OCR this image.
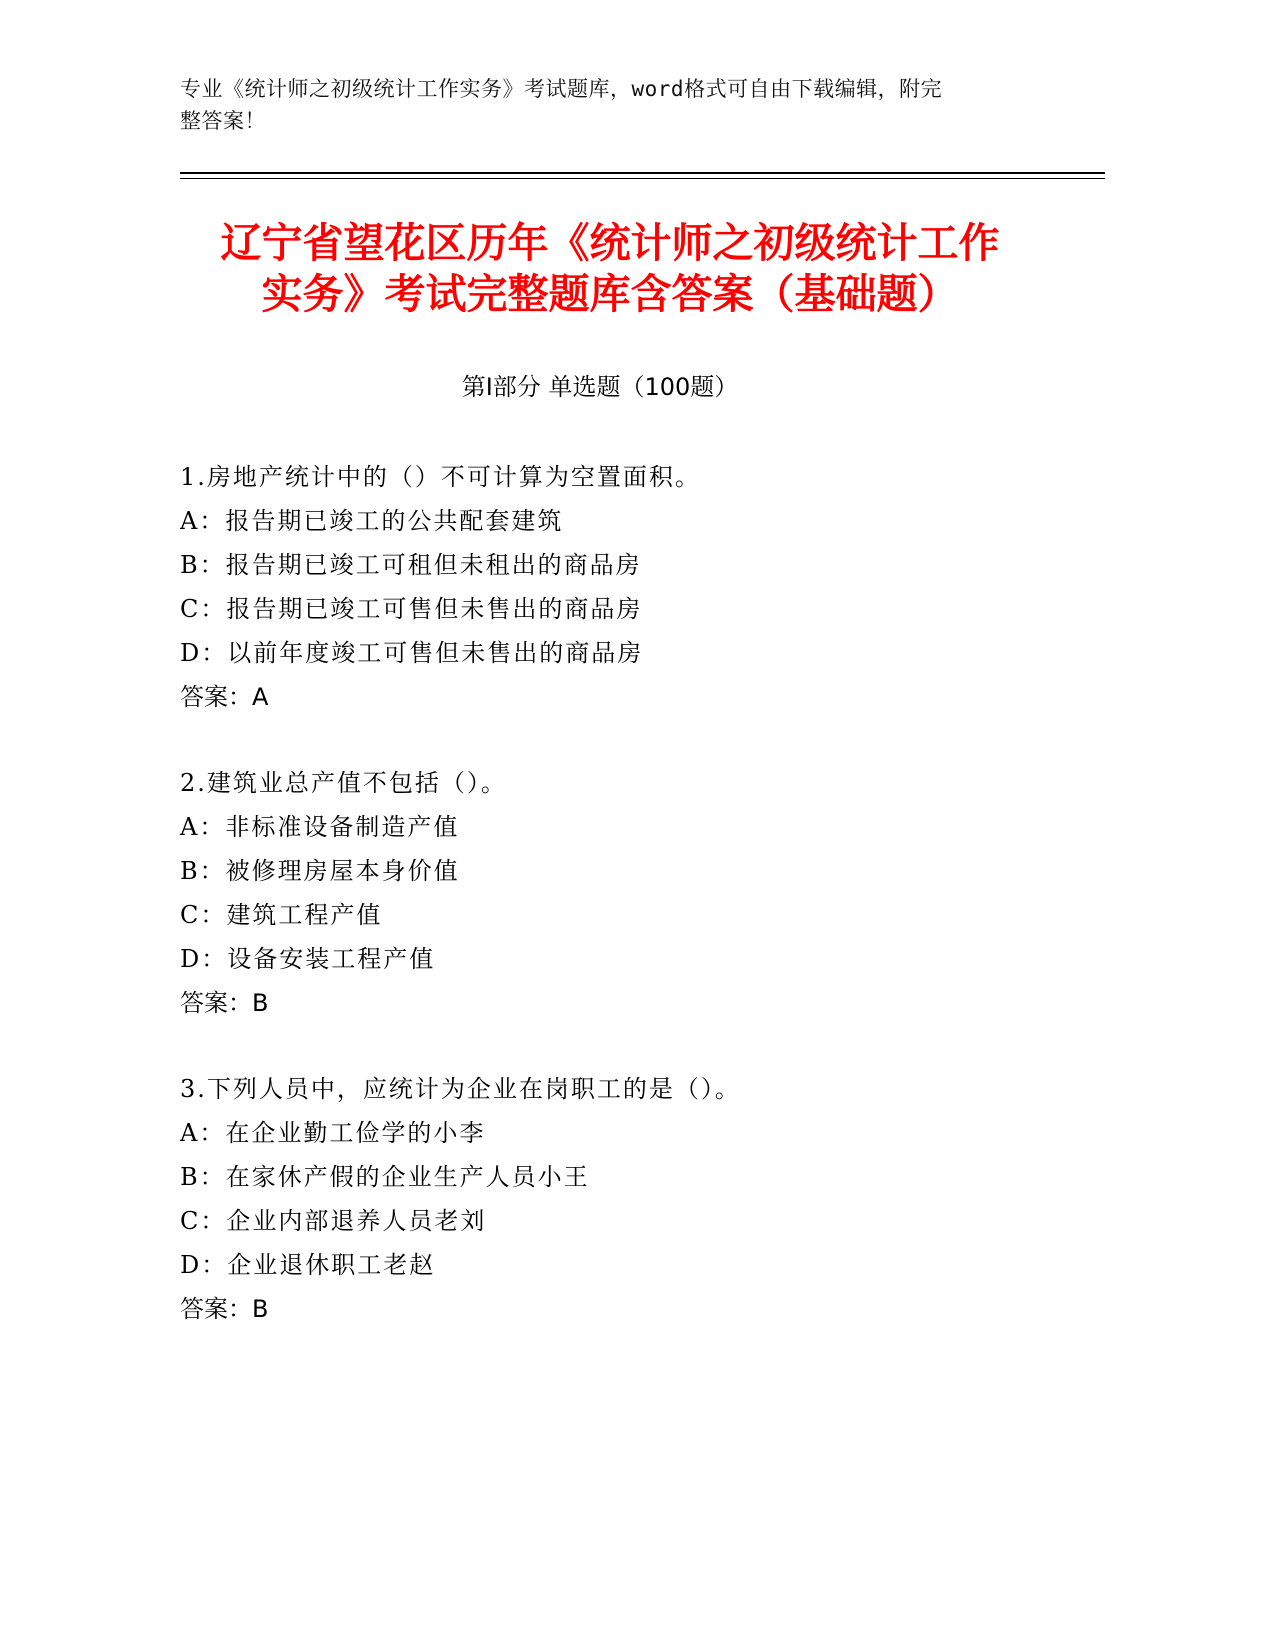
专业《统计师之初级统计工作实务》考试题库，word格式可自由下载编辑，附完
整答案！
辽宁省望花区历年《统计师之初级统计工作
实务》考试完整题库含答案（基础题）
第Ⅰ部分 单选题（100题）
1.房地产统计中的（）不可计算为空置面积。
A：报告期已竣工的公共配套建筑
B：报告期已竣工可租但未租出的商品房
C：报告期已竣工可售但未售出的商品房
D：以前年度竣工可售但未售出的商品房
答案：A
2.建筑业总产值不包括（）。
A：非标准设备制造产值
B：被修理房屋本身价值
C：建筑工程产值
D：设备安装工程产值
答案：B
3.下列人员中，应统计为企业在岗职工的是（）。
A：在企业勤工俭学的小李
B：在家休产假的企业生产人员小王
C：企业内部退养人员老刘
D：企业退休职工老赵
答案：B
